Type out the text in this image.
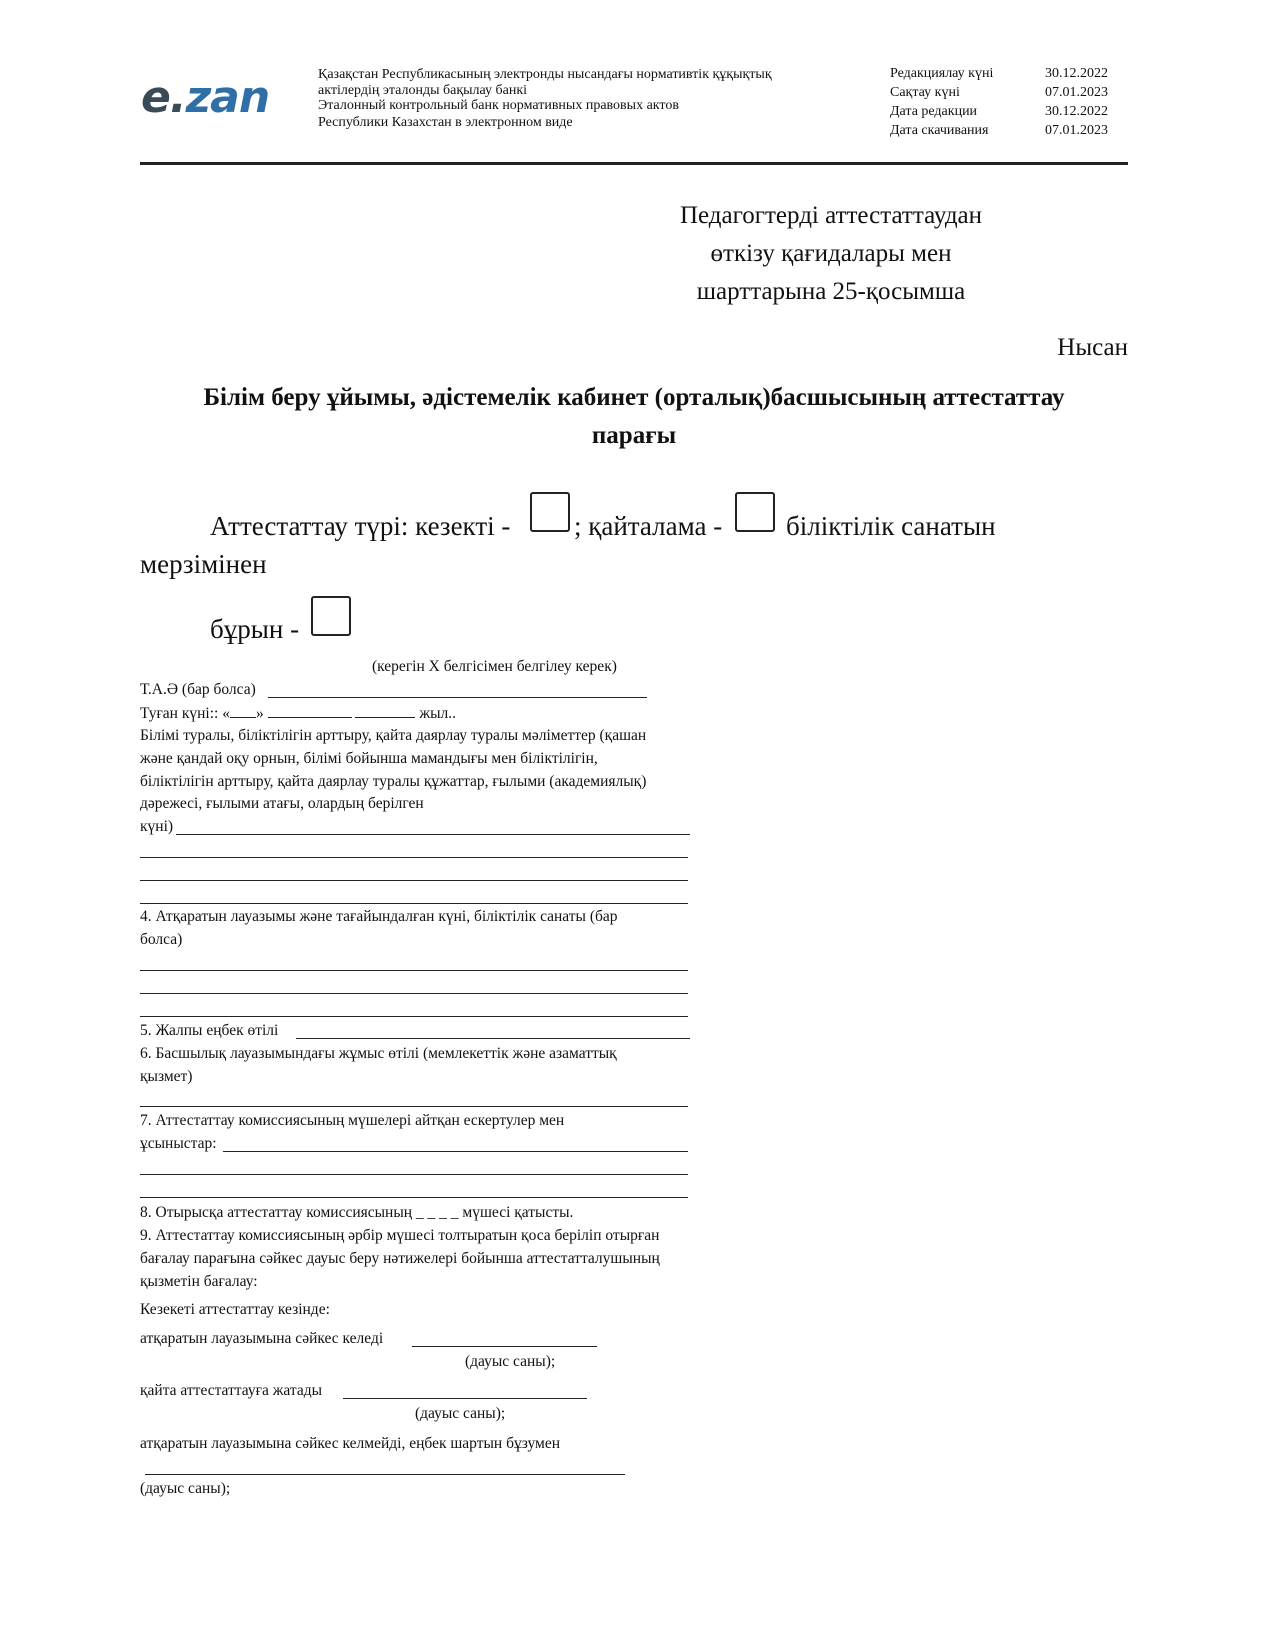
e.zan	Қазақстан Республикасының электронды нысандағы нормативтік құқықтық
актілердің эталонды бақылау банкі
Эталонный контрольный банк нормативных правовых актов
Республики Казахстан в электронном виде
Редакциялау күні	30.12.2022
Сақтау күні	07.01.2023
Дата редакции	30.12.2022
Дата скачивания	07.01.2023
Педагогтерді аттестаттаудан
өткізу қағидалары мен
шарттарына 25-қосымша
Нысан
Білім беру ұйымы, әдістемелік кабинет (орталық)басшысының аттестаттау
парағы
Аттестаттау түрі: кезекті - ; қайталама - біліктілік санатын
мерзімінен
бұрын -
(керегін Х белгісімен белгілеу керек)
Т.А.Ә (бар болса)
Туған күні:: « »	жыл..
Білімі туралы, біліктілігін арттыру, қайта даярлау туралы мәліметтер (қашан
және қандай оқу орнын, білімі бойынша мамандығы мен біліктілігін,
біліктілігін арттыру, қайта даярлау туралы құжаттар, ғылыми (академиялық)
дәрежесі, ғылыми атағы, олардың берілген
күні)
4. Атқаратын лауазымы және тағайындалған күні, біліктілік санаты (бар
болса)
5. Жалпы еңбек өтілі
6. Басшылық лауазымындағы жұмыс өтілі (мемлекеттік және азаматтық
қызмет)
7. Аттестаттау комиссиясының мүшелері айтқан ескертулер мен
ұсыныстар:
8. Отырысқа аттестаттау комиссиясының _ _ _ _ мүшесі қатысты.
9. Аттестаттау комиссиясының әрбір мүшесі толтыратын қоса беріліп отырған
бағалау парағына сәйкес дауыс беру нәтижелері бойынша аттестатталушының
қызметін бағалау:
Кезекеті аттестаттау кезінде:
атқаратын лауазымына сәйкес келеді
(дауыс саны);
қайта аттестаттауға жатады
(дауыс саны);
атқаратын лауазымына сәйкес келмейді, еңбек шартын бұзумен
(дауыс саны);
